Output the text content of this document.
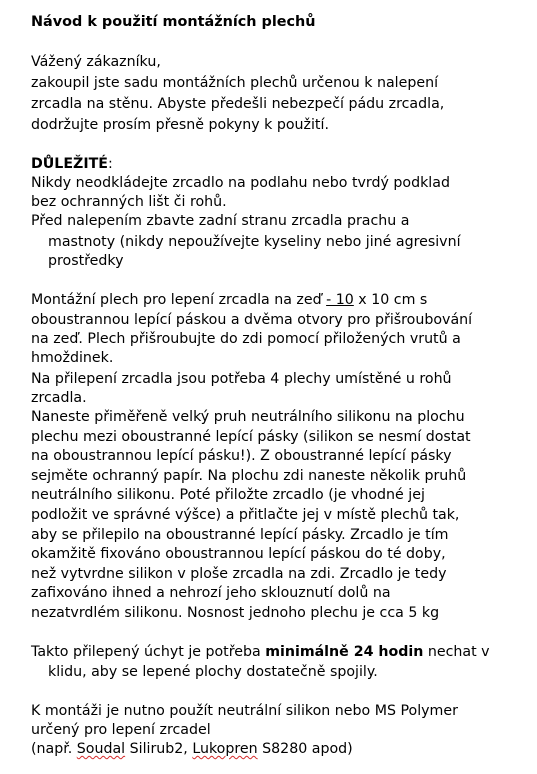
Návod k použití montážních plechů
Vážený zákazníku,
zakoupil jste sadu montážních plechů určenou k nalepení
zrcadla na stěnu. Abyste předešli nebezpečí pádu zrcadla,
dodržujte prosím přesně pokyny k použití.
DŮLEŽITÉ:
Nikdy neodkládejte zrcadlo na podlahu nebo tvrdý podklad
bez ochranných lišt či rohů.
Před nalepením zbavte zadní stranu zrcadla prachu a
mastnoty (nikdy nepoužívejte kyseliny nebo jiné agresivní
prostředky
Montážní plech pro lepení zrcadla na zeď - 10 x 10 cm s
oboustrannou lepící páskou a dvěma otvory pro přišroubování
na zeď. Plech přišroubujte do zdi pomocí přiložených vrutů a
hmoždinek.
Na přilepení zrcadla jsou potřeba 4 plechy umístěné u rohů
zrcadla.
Naneste přiměřeně velký pruh neutrálního silikonu na plochu
plechu mezi oboustranné lepící pásky (silikon se nesmí dostat
na oboustrannou lepící pásku!). Z oboustranné lepící pásky
sejměte ochranný papír. Na plochu zdi naneste několik pruhů
neutrálního silikonu. Poté přiložte zrcadlo (je vhodné jej
podložit ve správné výšce) a přitlačte jej v místě plechů tak,
aby se přilepilo na oboustranné lepící pásky. Zrcadlo je tím
okamžitě fixováno oboustrannou lepící páskou do té doby,
než vytvrdne silikon v ploše zrcadla na zdi. Zrcadlo je tedy
zafixováno ihned a nehrozí jeho sklouznutí dolů na
nezatvrdlém silikonu. Nosnost jednoho plechu je cca 5 kg
Takto přilepený úchyt je potřeba minimálně 24 hodin nechat v
klidu, aby se lepené plochy dostatečně spojily.
K montáži je nutno použít neutrální silikon nebo MS Polymer
určený pro lepení zrcadel
(např. Soudal Silirub2, Lukopren S8280 apod)
